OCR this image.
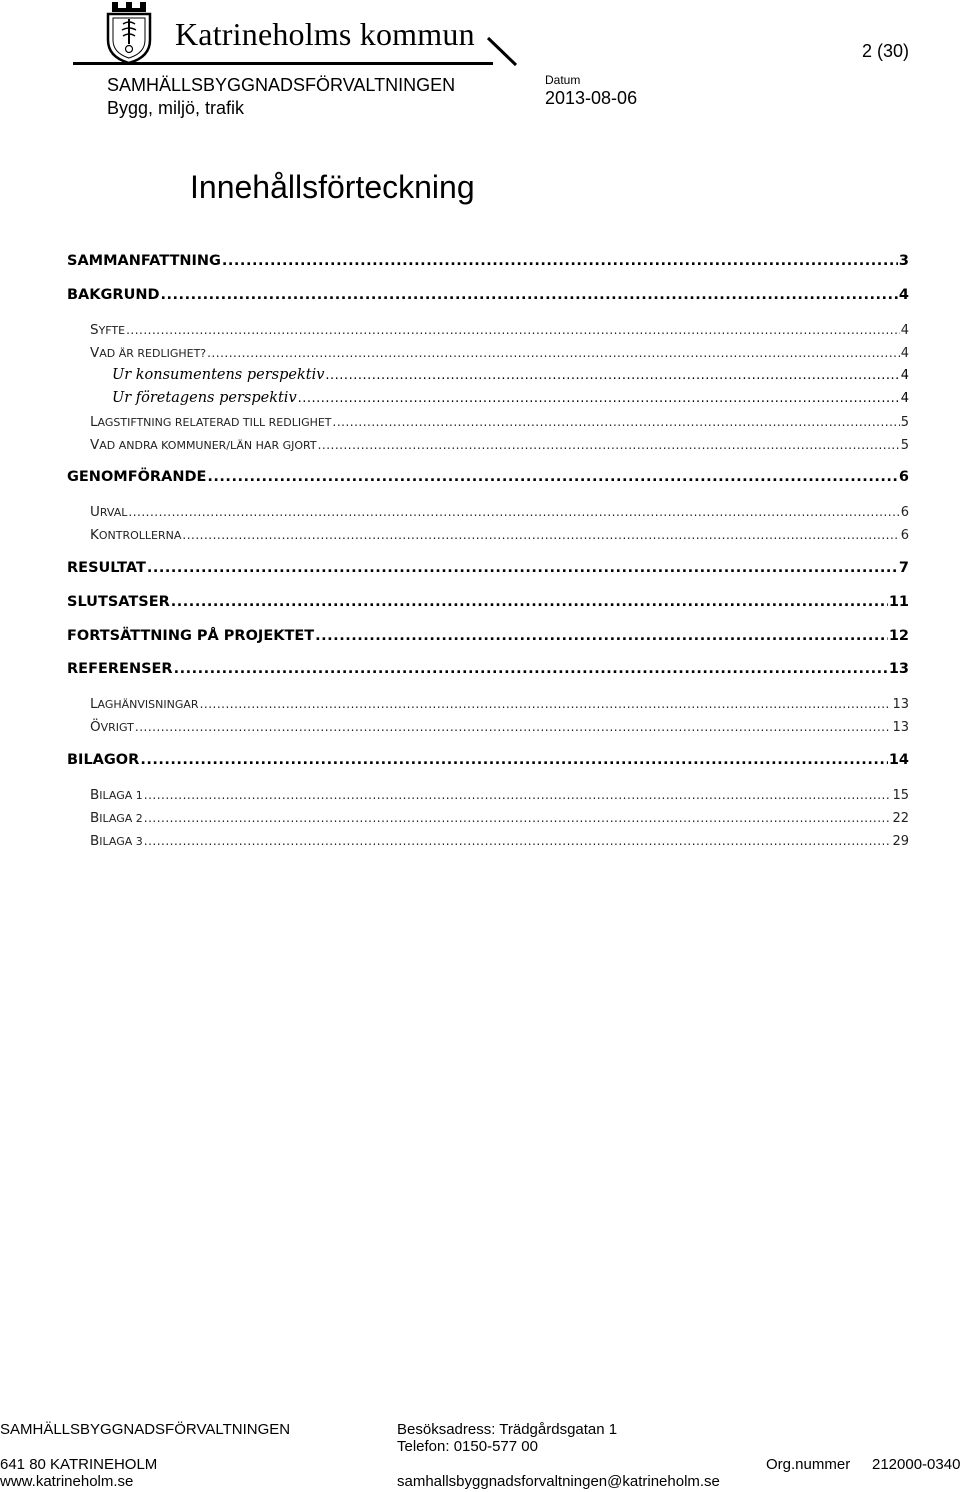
Katrineholms kommun	2 (30)
SAMHÄLLSBYGGNADSFÖRVALTNINGEN
Bygg, miljö, trafik
Datum
2013-08-06
Innehållsförteckning
SAMMANFATTNING .....	3
BAKGRUND .....	4
SYFTE .....	4
VAD ÄR REDLIGHET? .....	4
Ur konsumentens perspektiv .....	4
Ur företagens perspektiv .....	4
LAGSTIFTNING RELATERAD TILL REDLIGHET .....	5
VAD ANDRA KOMMUNER/LÄN HAR GJORT .....	5
GENOMFÖRANDE .....	6
URVAL .....	6
KONTROLLERNA .....	6
RESULTAT .....	7
SLUTSATSER .....	11
FORTSÄTTNING PÅ PROJEKTET .....	12
REFERENSER .....	13
LAGHÄNVISNINGAR .....	13
ÖVRIGT .....	13
BILAGOR .....	14
BILAGA 1 .....	15
BILAGA 2 .....	22
BILAGA 3 .....	29
SAMHÄLLSBYGGNADSFÖRVALTNINGEN	Besöksadress: Trädgårdsgatan 1
Telefon: 0150-577 00
641 80 KATRINEHOLM	Org.nummer 212000-0340
www.katrineholm.se	samhallsbyggnadsforvaltningen@katrineholm.se
